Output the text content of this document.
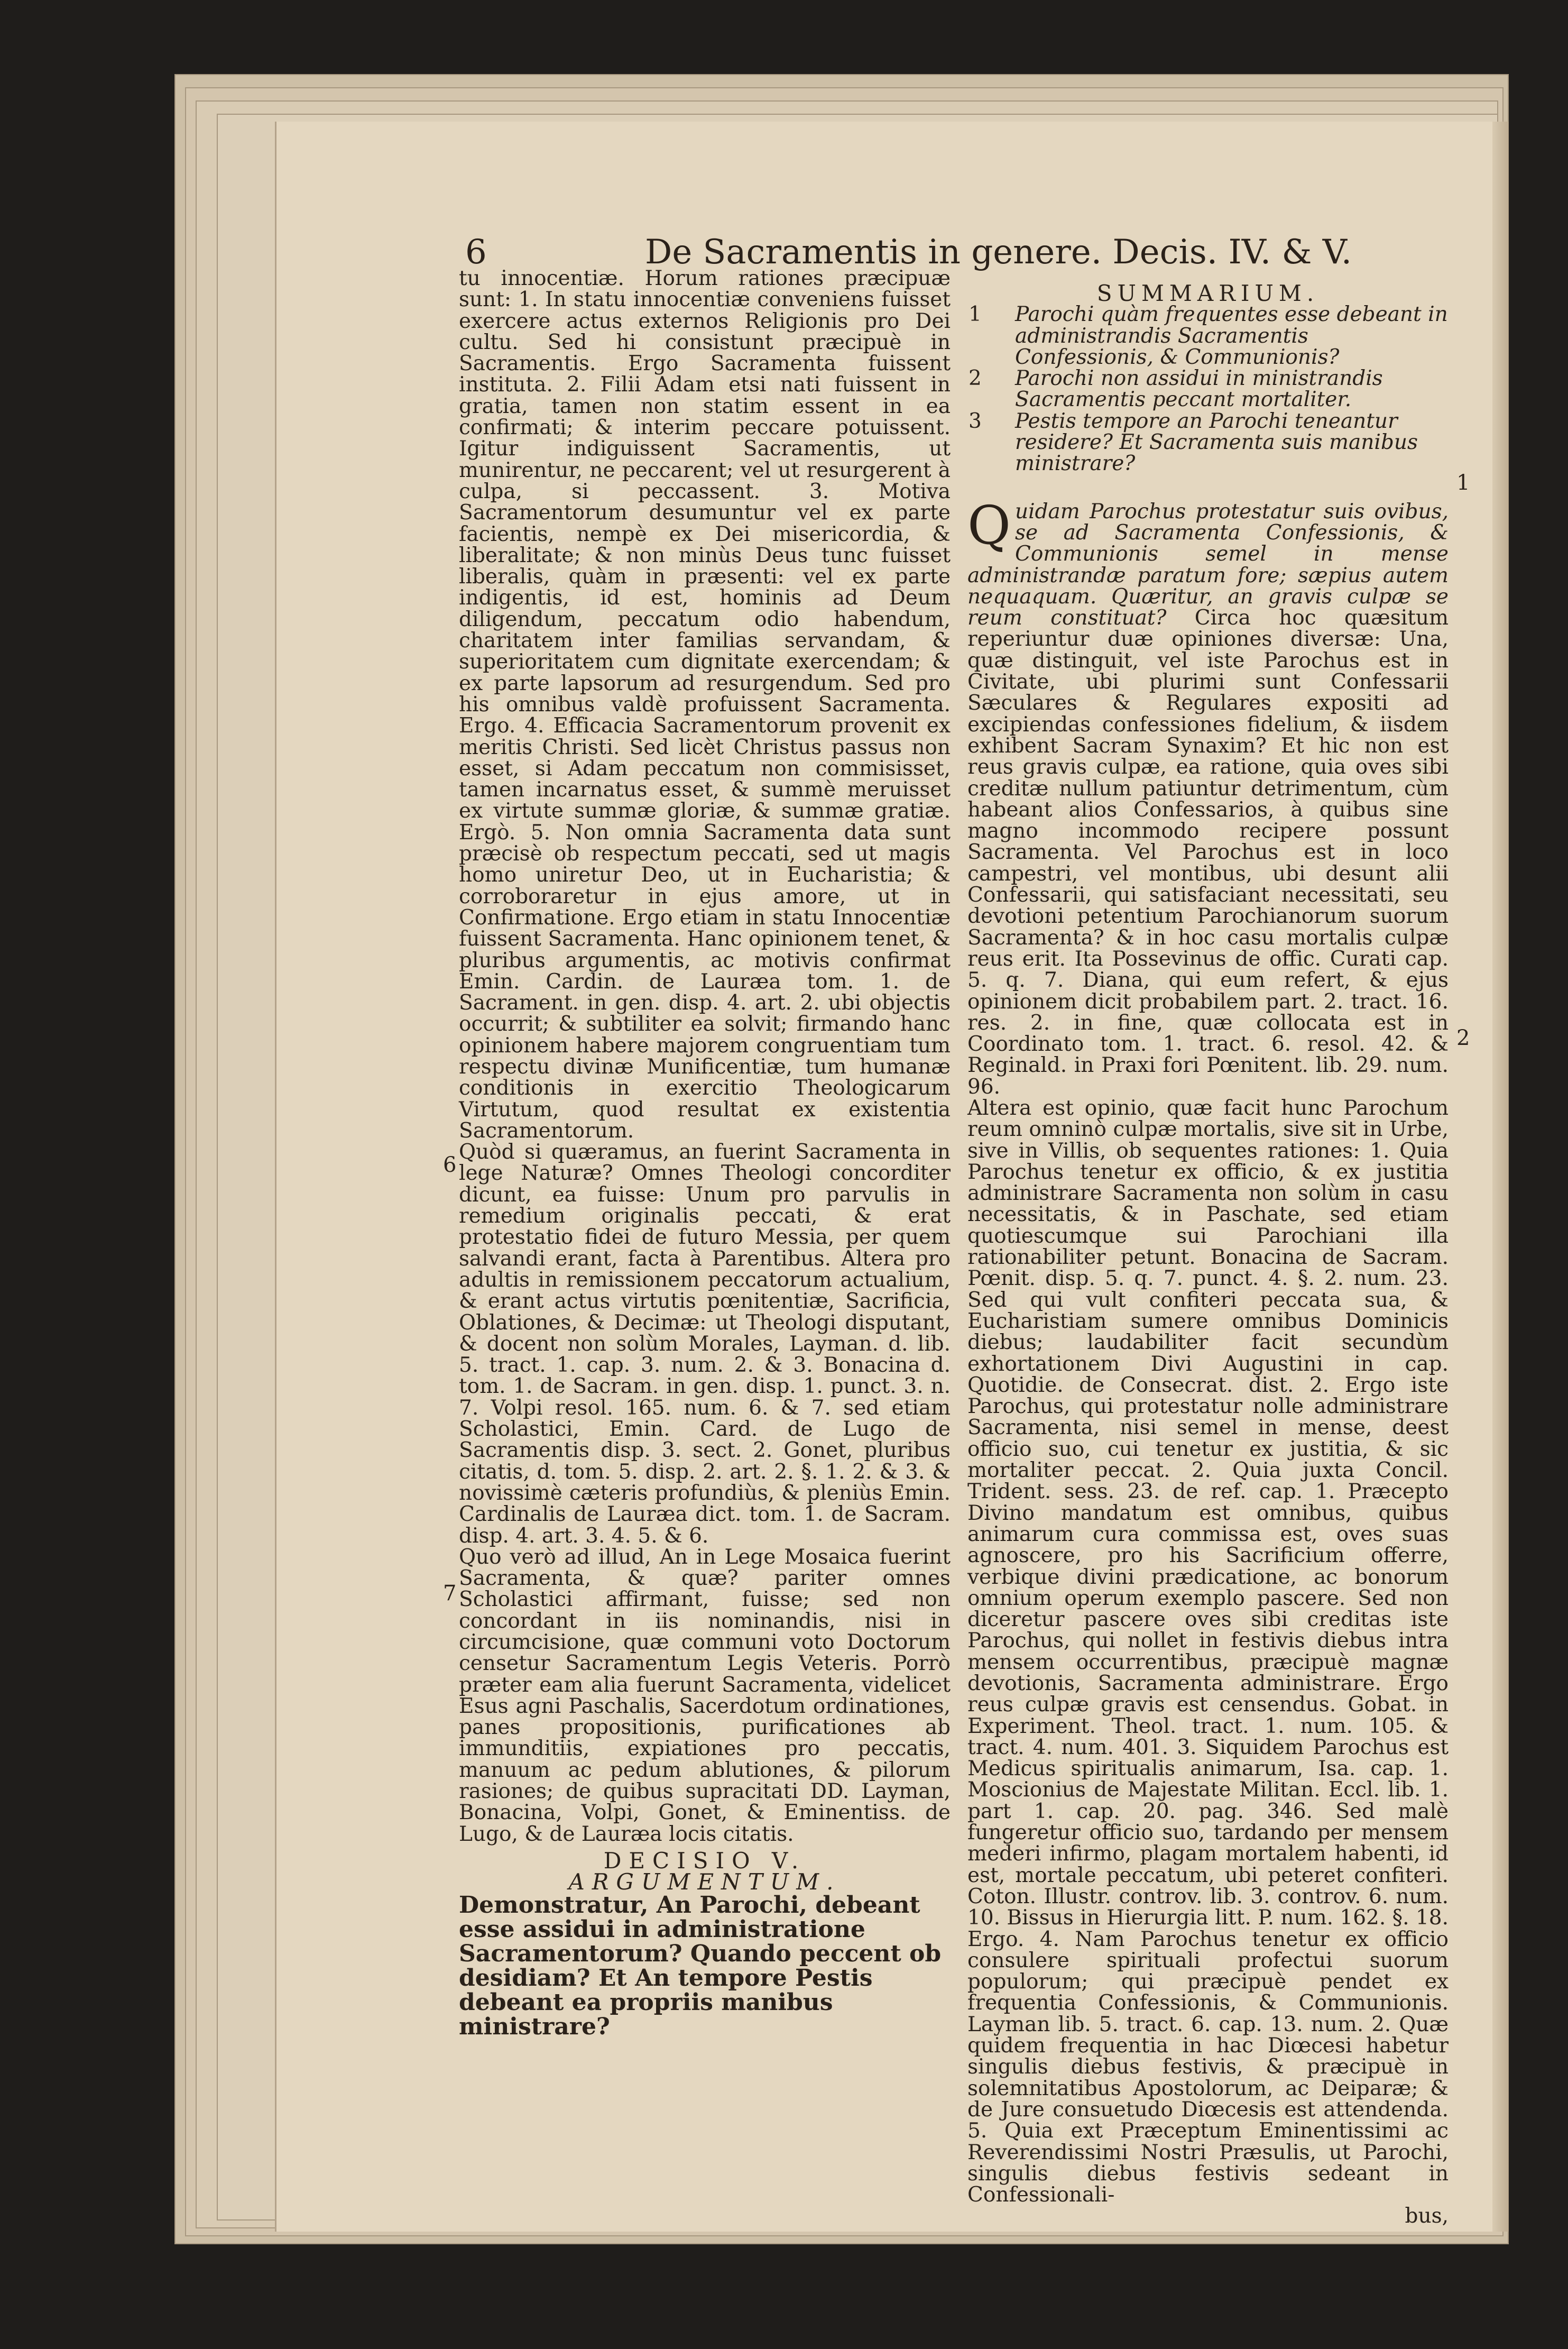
6	De Sacramentis in genere. Decis. IV. & V.

tu innocentiæ. Horum rationes præcipuæ sunt: 1. In statu innocentiæ conveniens fuisset exercere actus externos Religionis pro Dei cultu. Sed hi consistunt præcipuè in Sacramentis. Ergo Sacramenta fuissent instituta. 2. Filii Adam etsi nati fuissent in gratia, tamen non statim essent in ea confirmati; & interim peccare potuissent. Igitur indiguissent Sacramentis, ut munirentur, ne peccarent; vel ut resurgerent à culpa, si peccassent. 3. Motiva Sacramentorum desumuntur vel ex parte facientis, nempè ex Dei misericordia, & liberalitate; & non minùs Deus tunc fuisset liberalis, quàm in præsenti: vel ex parte indigentis, id est, hominis ad Deum diligendum, peccatum odio habendum, charitatem inter familias servandam, & superioritatem cum dignitate exercendam; & ex parte lapsorum ad resurgendum. Sed pro his omnibus valdè profuissent Sacramenta. Ergo. 4. Efficacia Sacramentorum provenit ex meritis Christi. Sed licèt Christus passus non esset, si Adam peccatum non commisisset, tamen incarnatus esset, & summè meruisset ex virtute summæ gloriæ, & summæ gratiæ. Ergò. 5. Non omnia Sacramenta data sunt præcisè ob respectum peccati, sed ut magis homo uniretur Deo, ut in Eucharistia; & corroboraretur in ejus amore, ut in Confirmatione. Ergo etiam in statu Innocentiæ fuissent Sacramenta. Hanc opinionem tenet, & pluribus argumentis, ac motivis confirmat Emin. Cardin. de Lauræa tom. 1. de Sacrament. in gen. disp. 4. art. 2. ubi objectis occurrit; & subtiliter ea solvit; firmando hanc opinionem habere majorem congruentiam tum respectu divinæ Munificentiæ, tum humanæ conditionis in exercitio Theologicarum Virtutum, quod resultat ex existentia Sacramentorum.

Quòd si quæramus, an fuerint Sacramenta in lege Naturæ? Omnes Theologi concorditer dicunt, ea fuisse: Unum pro parvulis in remedium originalis peccati, & erat protestatio fidei de futuro Messia, per quem salvandi erant, facta à Parentibus. Altera pro adultis in remissionem peccatorum actualium, & erant actus virtutis pœnitentiæ, Sacrificia, Oblationes, & Decimæ: ut Theologi disputant, & docent non solùm Morales, Layman. d. lib. 5. tract. 1. cap. 3. num. 2. & 3. Bonacina d. tom. 1. de Sacram. in gen. disp. 1. punct. 3. n. 7. Volpi resol. 165. num. 6. & 7. sed etiam Scholastici, Emin. Card. de Lugo de Sacramentis disp. 3. sect. 2. Gonet, pluribus citatis, d. tom. 5. disp. 2. art. 2. §. 1. 2. & 3. & novissimè cæteris profundiùs, & pleniùs Emin. Cardinalis de Lauræa dict. tom. 1. de Sacram. disp. 4. art. 3. 4. 5. & 6.

Quo verò ad illud, An in Lege Mosaica fuerint Sacramenta, & quæ? pariter omnes Scholastici affirmant, fuisse; sed non concordant in iis nominandis, nisi in circumcisione, quæ communi voto Doctorum censetur Sacramentum Legis Veteris. Porrò præter eam alia fuerunt Sacramenta, videlicet Esus agni Paschalis, Sacerdotum ordinationes, panes propositionis, purificationes ab immunditiis, expiationes pro peccatis, manuum ac pedum ablutiones, & pilorum rasiones; de quibus supracitati DD. Layman, Bonacina, Volpi, Gonet, & Eminentiss. de Lugo, & de Lauræa locis citatis.

DECISIO V.

ARGUMENTUM.

Demonstratur, An Parochi, debeant esse assidui in administratione Sacramentorum? Quando peccent ob desidiam? Et An tempore Pestis debeant ea propriis manibus ministrare?

6
7

SUMMARIUM.

1 Parochi quàm frequentes esse debeant in administrandis Sacramentis Confessionis, & Communionis?
2 Parochi non assidui in ministrandis Sacramentis peccant mortaliter.
3 Pestis tempore an Parochi teneantur residere? Et Sacramenta suis manibus ministrare?

Quidam Parochus protestatur suis ovibus, se ad Sacramenta Confessionis, & Communionis semel in mense administrandæ paratum fore; sæpius autem nequaquam. Quæritur, an gravis culpæ se reum constituat? Circa hoc quæsitum reperiuntur duæ opiniones diversæ: Una, quæ distinguit, vel iste Parochus est in Civitate, ubi plurimi sunt Confessarii Sæculares & Regulares expositi ad excipiendas confessiones fidelium, & iisdem exhibent Sacram Synaxim? Et hic non est reus gravis culpæ, ea ratione, quia oves sibi creditæ nullum patiuntur detrimentum, cùm habeant alios Confessarios, à quibus sine magno incommodo recipere possunt Sacramenta. Vel Parochus est in loco campestri, vel montibus, ubi desunt alii Confessarii, qui satisfaciant necessitati, seu devotioni petentium Parochianorum suorum Sacramenta? & in hoc casu mortalis culpæ reus erit. Ita Possevinus de offic. Curati cap. 5. q. 7. Diana, qui eum refert, & ejus opinionem dicit probabilem part. 2. tract. 16. res. 2. in fine, quæ collocata est in Coordinato tom. 1. tract. 6. resol. 42. & Reginald. in Praxi fori Pœnitent. lib. 29. num. 96.

Altera est opinio, quæ facit hunc Parochum reum omninò culpæ mortalis, sive sit in Urbe, sive in Villis, ob sequentes rationes: 1. Quia Parochus tenetur ex officio, & ex justitia administrare Sacramenta non solùm in casu necessitatis, & in Paschate, sed etiam quotiescumque sui Parochiani illa rationabiliter petunt. Bonacina de Sacram. Pœnit. disp. 5. q. 7. punct. 4. §. 2. num. 23. Sed qui vult confiteri peccata sua, & Eucharistiam sumere omnibus Dominicis diebus; laudabiliter facit secundùm exhortationem Divi Augustini in cap. Quotidie. de Consecrat. dist. 2. Ergo iste Parochus, qui protestatur nolle administrare Sacramenta, nisi semel in mense, deest officio suo, cui tenetur ex justitia, & sic mortaliter peccat. 2. Quia juxta Concil. Trident. sess. 23. de ref. cap. 1. Præcepto Divino mandatum est omnibus, quibus animarum cura commissa est, oves suas agnoscere, pro his Sacrificium offerre, verbique divini prædicatione, ac bonorum omnium operum exemplo pascere. Sed non diceretur pascere oves sibi creditas iste Parochus, qui nollet in festivis diebus intra mensem occurrentibus, præcipuè magnæ devotionis, Sacramenta administrare. Ergo reus culpæ gravis est censendus. Gobat. in Experiment. Theol. tract. 1. num. 105. & tract. 4. num. 401. 3. Siquidem Parochus est Medicus spiritualis animarum, Isa. cap. 1. Moscionius de Majestate Militan. Eccl. lib. 1. part 1. cap. 20. pag. 346. Sed malè fungeretur officio suo, tardando per mensem mederi infirmo, plagam mortalem habenti, id est, mortale peccatum, ubi peteret confiteri. Coton. Illustr. controv. lib. 3. controv. 6. num. 10. Bissus in Hierurgia litt. P. num. 162. §. 18. Ergo. 4. Nam Parochus tenetur ex officio consulere spirituali profectui suorum populorum; qui præcipuè pendet ex frequentia Confessionis, & Communionis. Layman lib. 5. tract. 6. cap. 13. num. 2. Quæ quidem frequentia in hac Diœcesi habetur singulis diebus festivis, & præcipuè in solemnitatibus Apostolorum, ac Deiparæ; & de Jure consuetudo Diœcesis est attendenda. 5. Quia ext Præceptum Eminentissimi ac Reverendissimi Nostri Præsulis, ut Parochi, singulis diebus festivis sedeant in Confessionali-

bus,

1
2
